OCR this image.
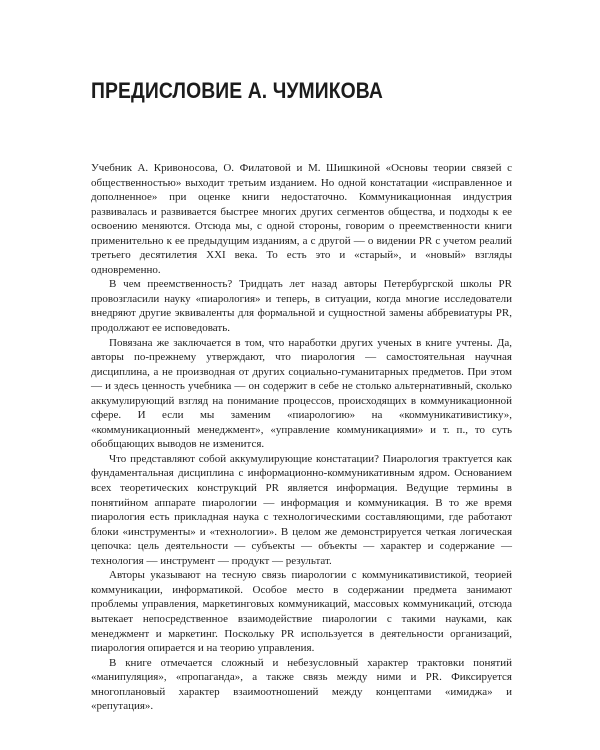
ПРЕДИСЛОВИЕ А. ЧУМИКОВА

Учебник А. Кривоносова, О. Филатовой и М. Шишкиной «Основы теории связей с общественностью» выходит третьим изданием. Но одной констатации «исправленное и дополненное» при оценке книги недостаточно. Коммуникационная индустрия развивалась и развивается быстрее многих других сегментов общества, и подходы к ее освоению меняются. Отсюда мы, с одной стороны, говорим о преемственности книги применительно к ее предыдущим изданиям, а с другой — о видении PR с учетом реалий третьего десятилетия XXI века. То есть это и «старый», и «новый» взгляды одновременно.

В чем преемственность? Тридцать лет назад авторы Петербургской школы PR провозгласили науку «пиарология» и теперь, в ситуации, когда многие исследователи внедряют другие эквиваленты для формальной и сущностной замены аббревиатуры PR, продолжают ее исповедовать.

Повязана же заключается в том, что наработки других ученых в книге учтены. Да, авторы по-прежнему утверждают, что пиарология — самостоятельная научная дисциплина, а не производная от других социально-гуманитарных предметов. При этом — и здесь ценность учебника — он содержит в себе не столько альтернативный, сколько аккумулирующий взгляд на понимание процессов, происходящих в коммуникационной сфере. И если мы заменим «пиарологию» на «коммуникативистику», «коммуникационный менеджмент», «управление коммуникациями» и т. п., то суть обобщающих выводов не изменится.

Что представляют собой аккумулирующие констатации? Пиарология трактуется как фундаментальная дисциплина с информационно-коммуникативным ядром. Основанием всех теоретических конструкций PR является информация. Ведущие термины в понятийном аппарате пиарологии — информация и коммуникация. В то же время пиарология есть прикладная наука с технологическими составляющими, где работают блоки «инструменты» и «технологии». В целом же демонстрируется четкая логическая цепочка: цель деятельности — субъекты — объекты — характер и содержание — технология — инструмент — продукт — результат.

Авторы указывают на тесную связь пиарологии с коммуникативистикой, теорией коммуникации, информатикой. Особое место в содержании предмета занимают проблемы управления, маркетинговых коммуникаций, массовых коммуникаций, отсюда вытекает непосредственное взаимодействие пиарологии с такими науками, как менеджмент и маркетинг. Поскольку PR используется в деятельности организаций, пиарология опирается и на теорию управления.

В книге отмечается сложный и небезусловный характер трактовки понятий «манипуляция», «пропаганда», а также связь между ними и PR. Фиксируется многоплановый характер взаимоотношений между концептами «имиджа» и «репутация».
